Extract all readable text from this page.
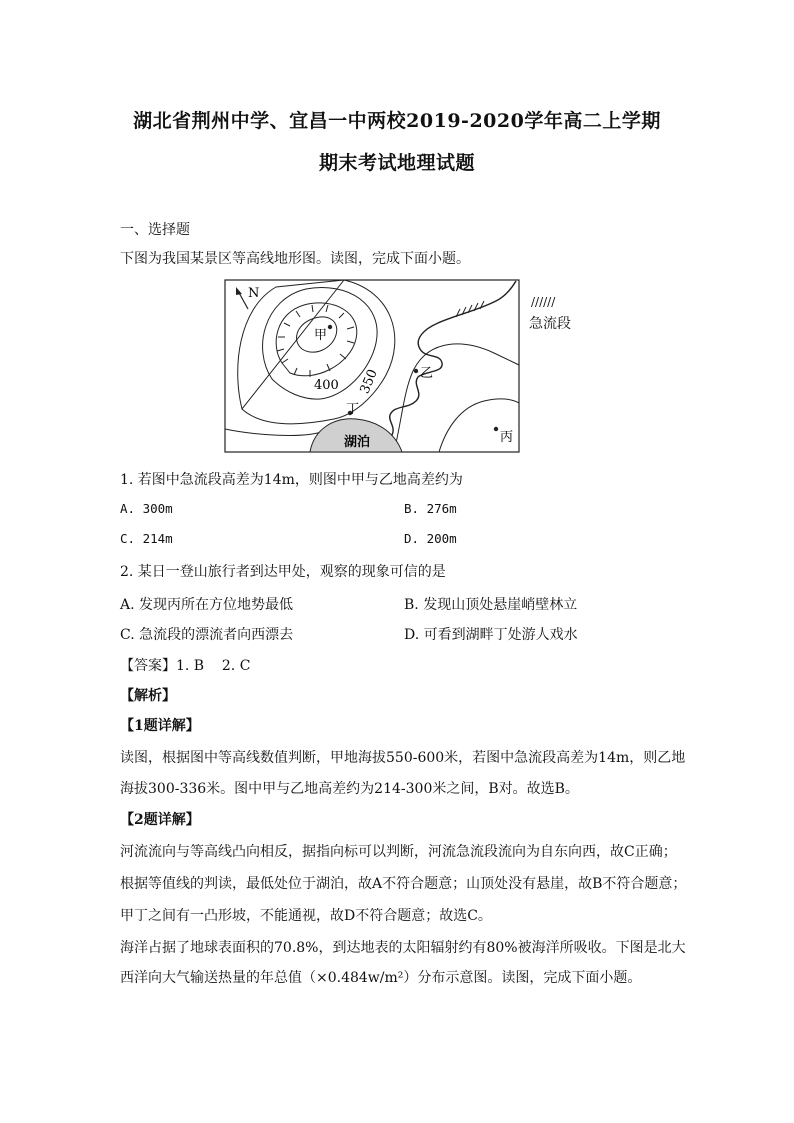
湖北省荆州中学、宜昌一中两校2019-2020学年高二上学期
期末考试地理试题
一、选择题
下图为我国某景区等高线地形图。读图，完成下面小题。
N
湖泊
甲
乙
丁
丙
400 350
//////
急流段
1. 若图中急流段高差为14m，则图中甲与乙地高差约为
A. 300m	B. 276m
C. 214m	D. 200m
2. 某日一登山旅行者到达甲处，观察的现象可信的是
A. 发现丙所在方位地势最低	B. 发现山顶处悬崖峭壁林立
C. 急流段的漂流者向西漂去	D. 可看到湖畔丁处游人戏水
【答案】1. B    2. C
【解析】
【1题详解】
读图，根据图中等高线数值判断，甲地海拔550-600米，若图中急流段高差为14m，则乙地
海拔300-336米。图中甲与乙地高差约为214-300米之间，B对。故选B。
【2题详解】
河流流向与等高线凸向相反，据指向标可以判断，河流急流段流向为自东向西，故C正确；
根据等值线的判读，最低处位于湖泊，故A不符合题意；山顶处没有悬崖，故B不符合题意；
甲丁之间有一凸形坡，不能通视，故D不符合题意；故选C。
海洋占据了地球表面积的70.8%，到达地表的太阳辐射约有80%被海洋所吸收。下图是北大
西洋向大气输送热量的年总值（×0.484w/m²）分布示意图。读图，完成下面小题。
